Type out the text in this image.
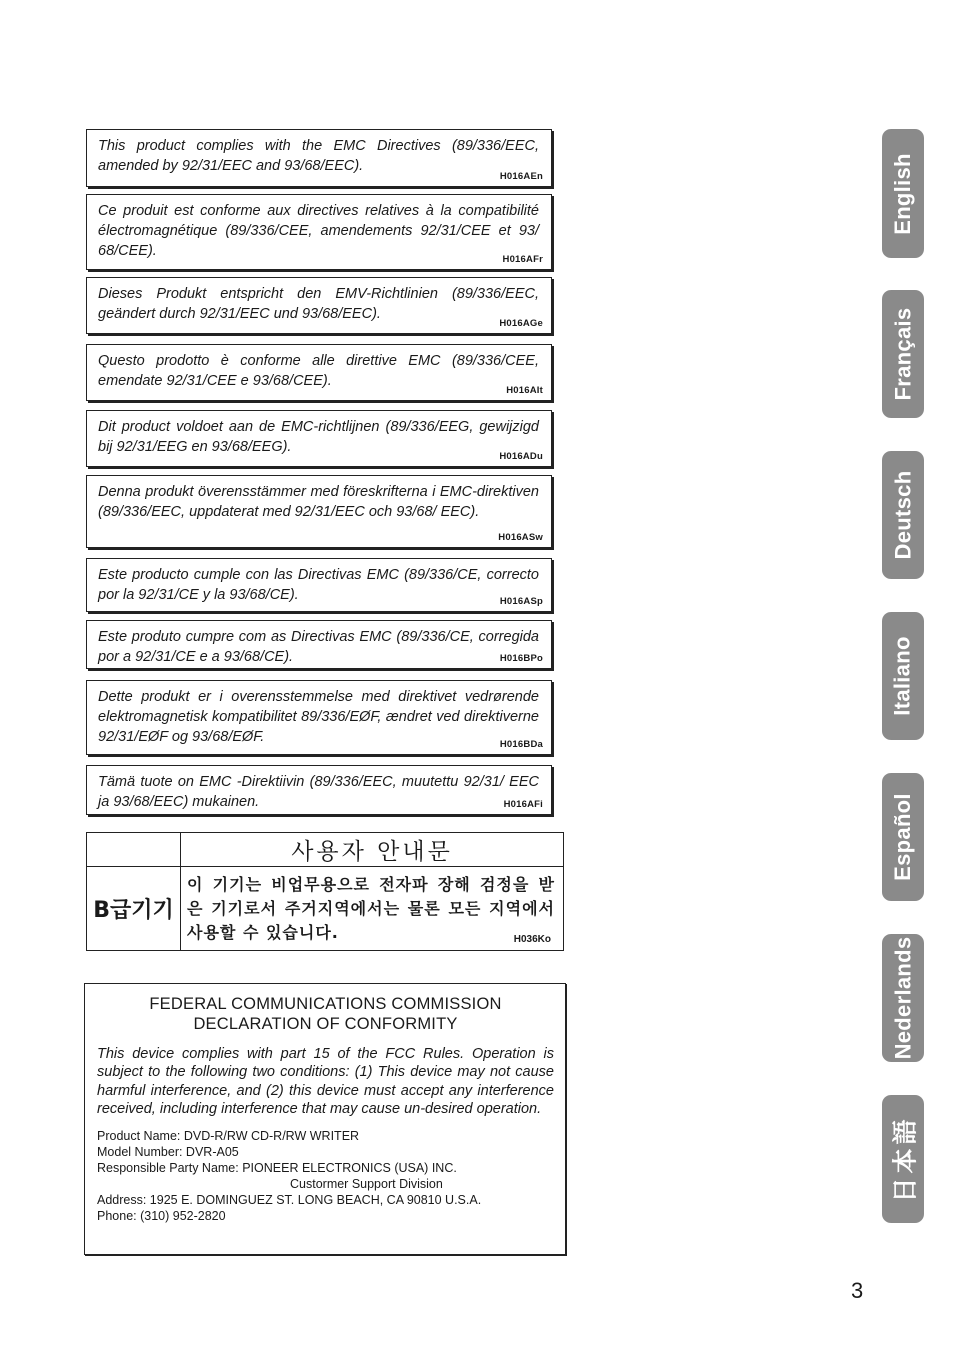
This product complies with the EMC Directives (89/336/EEC, amended by 92/31/EEC and 93/68/EEC).

H016AEn

Ce produit est conforme aux directives relatives à la compatibilité électromagnétique (89/336/CEE, amendements 92/31/CEE et 93/ 68/CEE).

H016AFr

Dieses Produkt entspricht den EMV-Richtlinien (89/336/EEC, geändert durch 92/31/EEC und 93/68/EEC).

H016AGe

Questo prodotto è conforme alle direttive EMC (89/336/CEE, emendate 92/31/CEE e 93/68/CEE).

H016AIt

Dit product voldoet aan de EMC-richtlijnen (89/336/EEG, gewijzigd bij 92/31/EEG en 93/68/EEG).

H016ADu

Denna produkt överensstämmer med föreskrifterna i EMC-direktiven (89/336/EEC, uppdaterat med 92/31/EEC och 93/68/ EEC).

H016ASw

Este producto cumple con las Directivas EMC (89/336/CE, correcto por la 92/31/CE y la 93/68/CE).	H016ASp

Este produto cumpre com as Directivas EMC (89/336/CE, corregida por a 92/31/CE e a 93/68/CE).	H016BPo

Dette produkt er i overensstemmelse med direktivet vedrørende elektromagnetisk kompatibilitet 89/336/EØF, ændret ved direktiverne 92/31/EØF og 93/68/EØF.	H016BDa

Tämä tuote on EMC -Direktiivin (89/336/EEC, muutettu 92/31/ EEC ja 93/68/EEC) mukainen.	H016AFi
사용자 안내문
B급기기

이 기기는 비업무용으로 전자파 장해 검정을 받은 기기로서 주거지역에서는 물론 모든 지역에서 사용할 수 있습니다.	H036Ko

FEDERAL COMMUNICATIONS COMMISSION
DECLARATION OF CONFORMITY

This device complies with part 15 of the FCC Rules. Operation is subject to the following two conditions: (1) This device may not cause harmful interference, and (2) this device must accept any interference received, including interference that may cause un-desired operation.

Product Name: DVD-R/RW CD-R/RW WRITER
Model Number: DVR-A05
Responsible Party Name: PIONEER ELECTRONICS (USA) INC.
Custormer Support Division
Address: 1925 E. DOMINGUEZ ST. LONG BEACH, CA 90810 U.S.A.
Phone: (310) 952-2820
English
Français
Deutsch
Italiano
Español
Nederlands
日本語
3
